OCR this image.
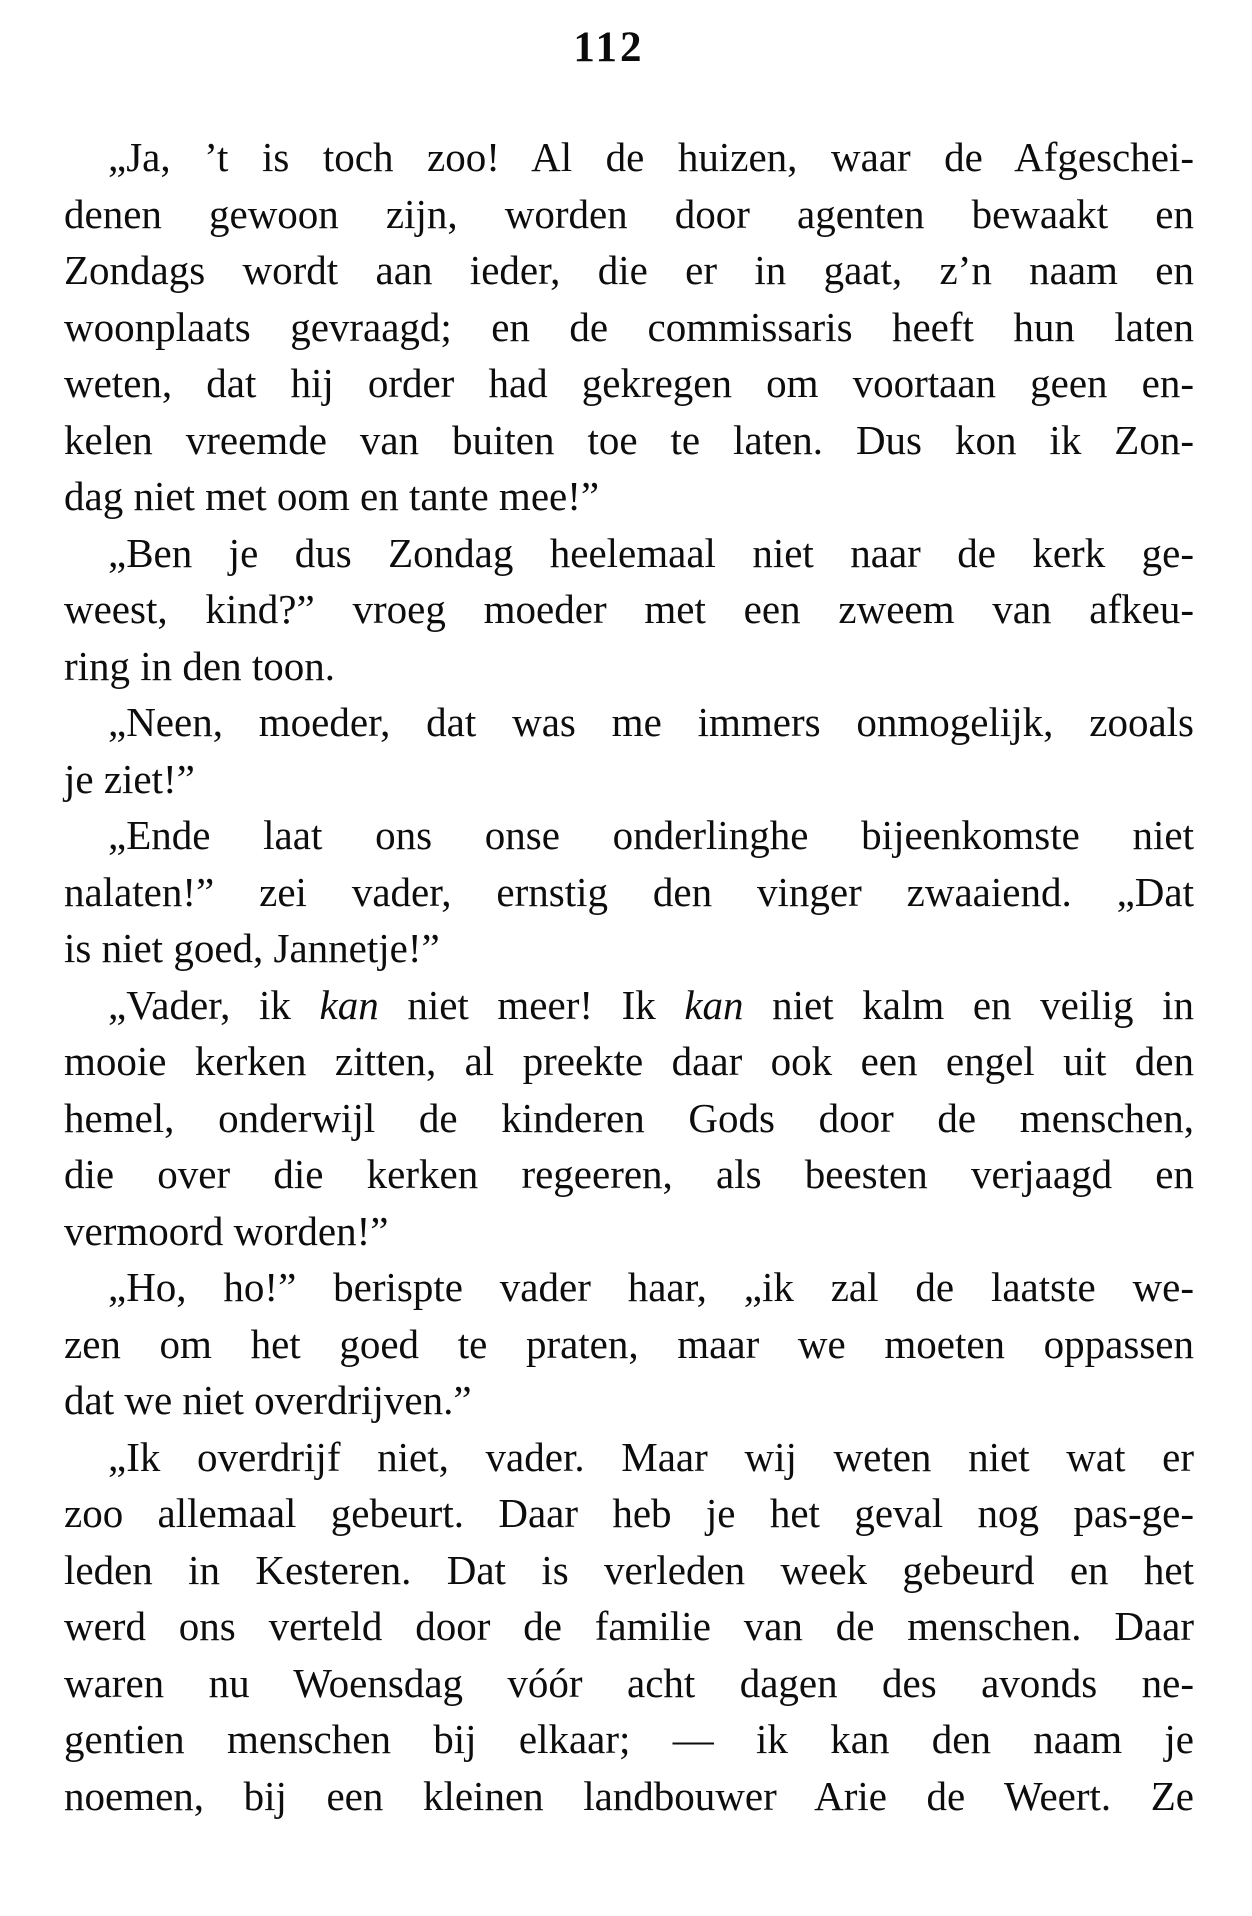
112
„Ja, ’t is toch zoo! Al de huizen, waar de Afgeschei-
denen gewoon zijn, worden door agenten bewaakt en
Zondags wordt aan ieder, die er in gaat, z’n naam en
woonplaats gevraagd; en de commissaris heeft hun laten
weten, dat hij order had gekregen om voortaan geen en-
kelen vreemde van buiten toe te laten. Dus kon ik Zon-
dag niet met oom en tante mee!”
„Ben je dus Zondag heelemaal niet naar de kerk ge-
weest, kind?” vroeg moeder met een zweem van afkeu-
ring in den toon.
„Neen, moeder, dat was me immers onmogelijk, zooals
je ziet!”
„Ende laat ons onse onderlinghe bijeenkomste niet
nalaten!” zei vader, ernstig den vinger zwaaiend. „Dat
is niet goed, Jannetje!”
„Vader, ik kan niet meer! Ik kan niet kalm en veilig in
mooie kerken zitten, al preekte daar ook een engel uit den
hemel, onderwijl de kinderen Gods door de menschen,
die over die kerken regeeren, als beesten verjaagd en
vermoord worden!”
„Ho, ho!” berispte vader haar, „ik zal de laatste we-
zen om het goed te praten, maar we moeten oppassen
dat we niet overdrijven.”
„Ik overdrijf niet, vader. Maar wij weten niet wat er
zoo allemaal gebeurt. Daar heb je het geval nog pas-ge-
leden in Kesteren. Dat is verleden week gebeurd en het
werd ons verteld door de familie van de menschen. Daar
waren nu Woensdag vóór acht dagen des avonds ne-
gentien menschen bij elkaar; — ik kan den naam je
noemen, bij een kleinen landbouwer Arie de Weert. Ze
